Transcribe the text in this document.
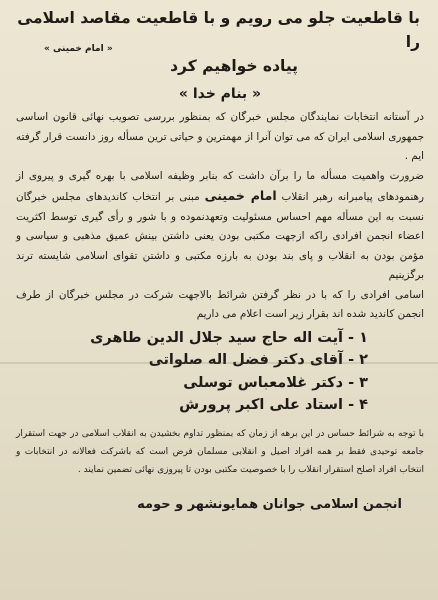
با قاطعیت جلو می رویم و با قاطعیت مقاصد اسلامی را
پیاده خواهیم کرد
« امام خمینی »
« بنام خدا »

در آستانه انتخابات نمایندگان مجلس خبرگان که بمنظور بررسی تصویب نهائی قانون اساسی جمهوری اسلامی ایران که می توان آنرا از مهمترین و حیاتی ترین مسأله روز دانست قرار گرفته ایم .

ضرورت واهمیت مسأله ما را برآن داشت که بنابر وظیفه اسلامی با بهره گیری و پیروی از رهنمودهای پیامبرانه رهبر انقلاب امام خمینی مبنی بر انتخاب کاندیدهای مجلس خبرگان نسبت به این مسأله مهم احساس مسئولیت وتعهدنموده و با شور و رأی گیری توسط اکثریت اعضاء انجمن افرادی راکه ازجهت مکتبی بودن یعنی داشتن بینش عمیق مذهبی و سیاسی و مؤمن بودن به انقلاب و پای بند بودن به بارزه مکتبی و داشتن تقوای اسلامی شایسته ترند برگزینیم

اسامی افرادی را که با در نظر گرفتن شرائط بالاجهت شرکت در مجلس خبرگان از طرف انجمن کاندید شده اند بقرار زیر است اعلام می داریم

۱ - آیت اله حاج سید جلال الدین طاهری

۲ - آقای دکتر فضل اله صلواتی

۳ - دکتر غلامعباس توسلی

۴ - استاد علی اکبر پرورش

با توجه به شرائط حساس در این برهه از زمان که بمنظور تداوم بخشیدن به انقلاب اسلامی در جهت استقرار جامعه توحیدی فقط بر همه افراد اصیل و انقلابی مسلمان فرض است که باشرکت فعالانه در انتخابات و انتخاب افراد اصلح استقرار انقلاب را با خصوصیت مکتبی بودن تا پیروزی نهائی تضمین نمایند .

انجمن اسلامی جوانان همایونشهر و حومه
